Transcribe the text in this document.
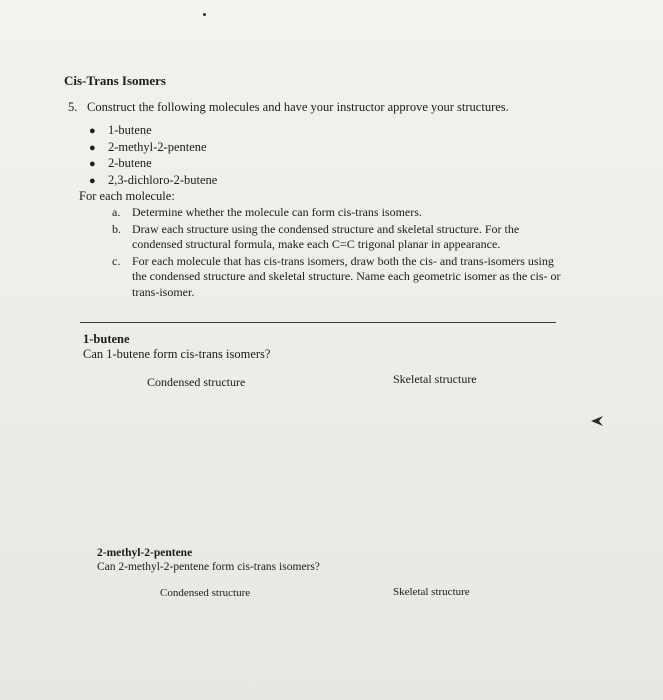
Cis-Trans Isomers
5. Construct the following molecules and have your instructor approve your structures.
● 1-butene
● 2-methyl-2-pentene
● 2-butene
● 2,3-dichloro-2-butene
For each molecule:
a. Determine whether the molecule can form cis-trans isomers.
b. Draw each structure using the condensed structure and skeletal structure. For the condensed structural formula, make each C=C trigonal planar in appearance.
c. For each molecule that has cis-trans isomers, draw both the cis- and trans-isomers using the condensed structure and skeletal structure. Name each geometric isomer as the cis- or trans-isomer.
1-butene
Can 1-butene form cis-trans isomers?
Condensed structure	Skeletal structure
2-methyl-2-pentene
Can 2-methyl-2-pentene form cis-trans isomers?
Condensed structure	Skeletal structure
